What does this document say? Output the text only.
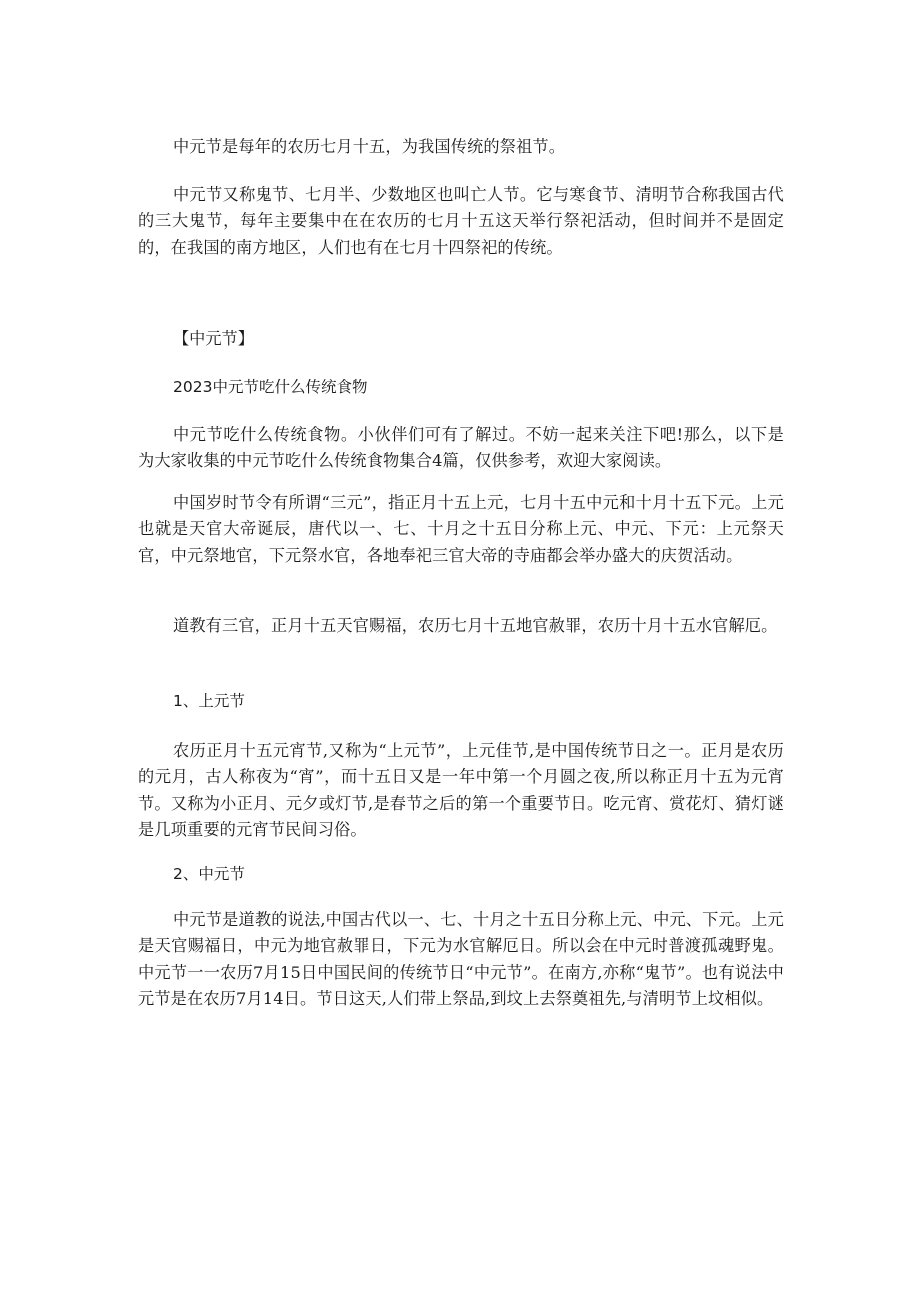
中元节是每年的农历七月十五，为我国传统的祭祖节。

中元节又称鬼节、七月半、少数地区也叫亡人节。它与寒食节、清明节合称我国古代的三大鬼节，每年主要集中在在农历的七月十五这天举行祭祀活动，但时间并不是固定的，在我国的南方地区，人们也有在七月十四祭祀的传统。

【中元节】

2023中元节吃什么传统食物

中元节吃什么传统食物。小伙伴们可有了解过。不妨一起来关注下吧!那么，以下是为大家收集的中元节吃什么传统食物集合4篇，仅供参考，欢迎大家阅读。

中国岁时节令有所谓“三元”，指正月十五上元，七月十五中元和十月十五下元。上元也就是天官大帝诞辰，唐代以一、七、十月之十五日分称上元、中元、下元：上元祭天官，中元祭地官，下元祭水官，各地奉祀三官大帝的寺庙都会举办盛大的庆贺活动。

道教有三官，正月十五天官赐福，农历七月十五地官赦罪，农历十月十五水官解厄。

1、上元节

农历正月十五元宵节,又称为“上元节”，上元佳节,是中国传统节日之一。正月是农历的元月，古人称夜为“宵”，而十五日又是一年中第一个月圆之夜,所以称正月十五为元宵节。又称为小正月、元夕或灯节,是春节之后的第一个重要节日。吃元宵、赏花灯、猜灯谜是几项重要的元宵节民间习俗。

2、中元节

中元节是道教的说法,中国古代以一、七、十月之十五日分称上元、中元、下元。上元是天官赐福日，中元为地官赦罪日，下元为水官解厄日。所以会在中元时普渡孤魂野鬼。中元节一一农历7月15日中国民间的传统节日“中元节”。在南方,亦称“鬼节”。也有说法中元节是在农历7月14日。节日这天,人们带上祭品,到坟上去祭奠祖先,与清明节上坟相似。
